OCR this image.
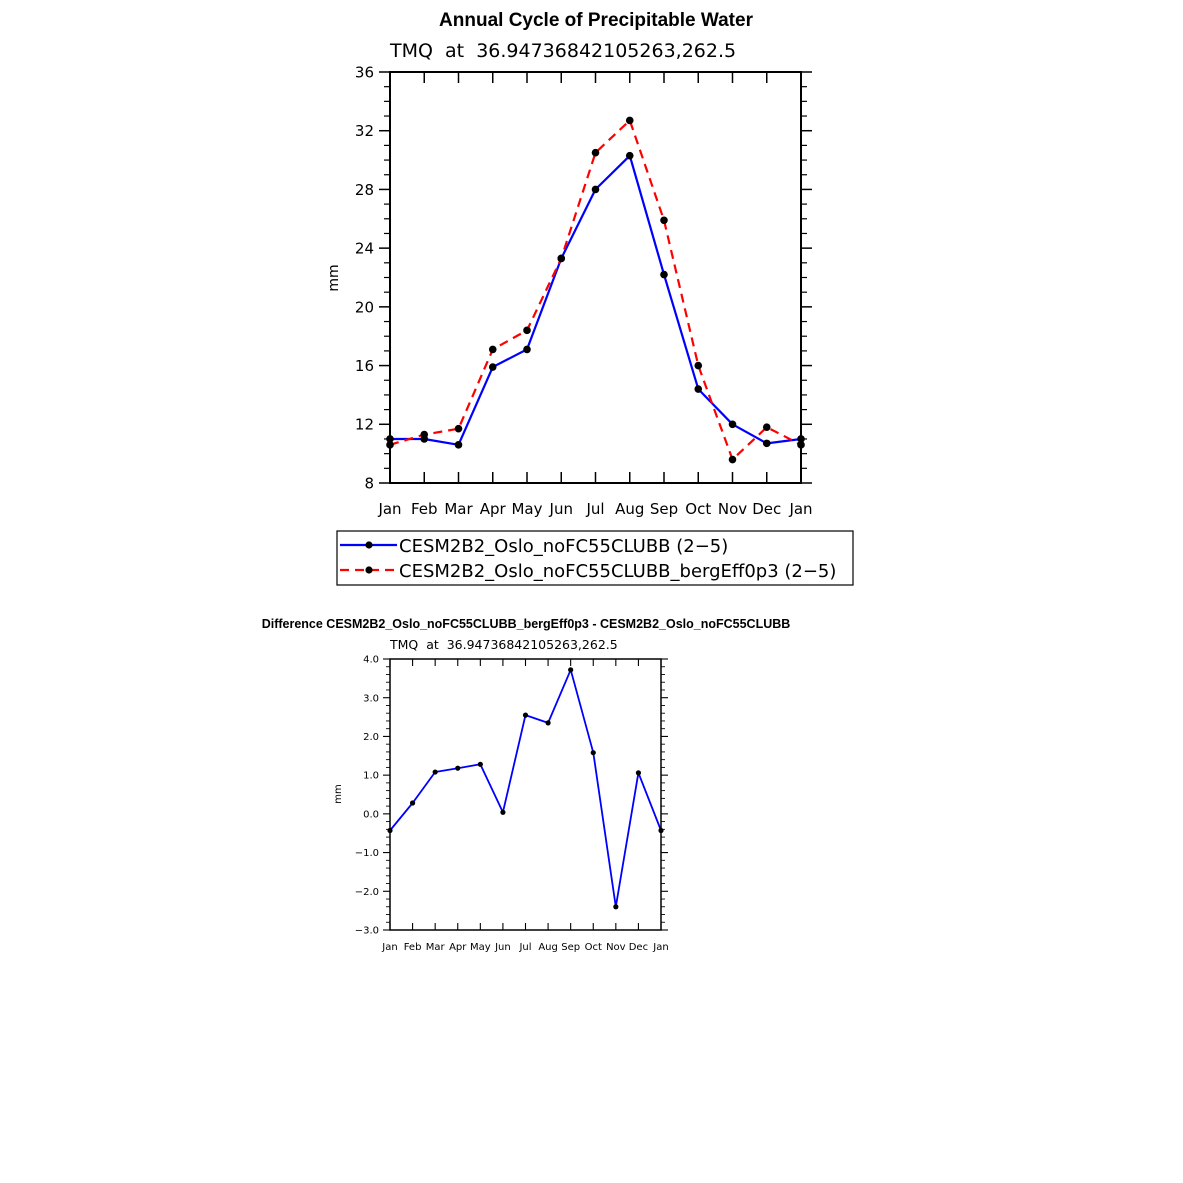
Annual Cycle of Precipitable Water
TMQ  at  36.94736842105263,262.5
mm
Jan Feb Mar Apr May Jun Jul Aug Sep Oct Nov Dec Jan
8
12
16
20
24
28
32
36
CESM2B2_Oslo_noFC55CLUBB (2−5)
CESM2B2_Oslo_noFC55CLUBB_bergEff0p3 (2−5)
Difference CESM2B2_Oslo_noFC55CLUBB_bergEff0p3 - CESM2B2_Oslo_noFC55CLUBB
TMQ  at  36.94736842105263,262.5
mm
Jan Feb Mar Apr May Jun Jul Aug Sep Oct Nov Dec Jan
−3.0
−2.0
−1.0
0.0
1.0
2.0
3.0
4.0
